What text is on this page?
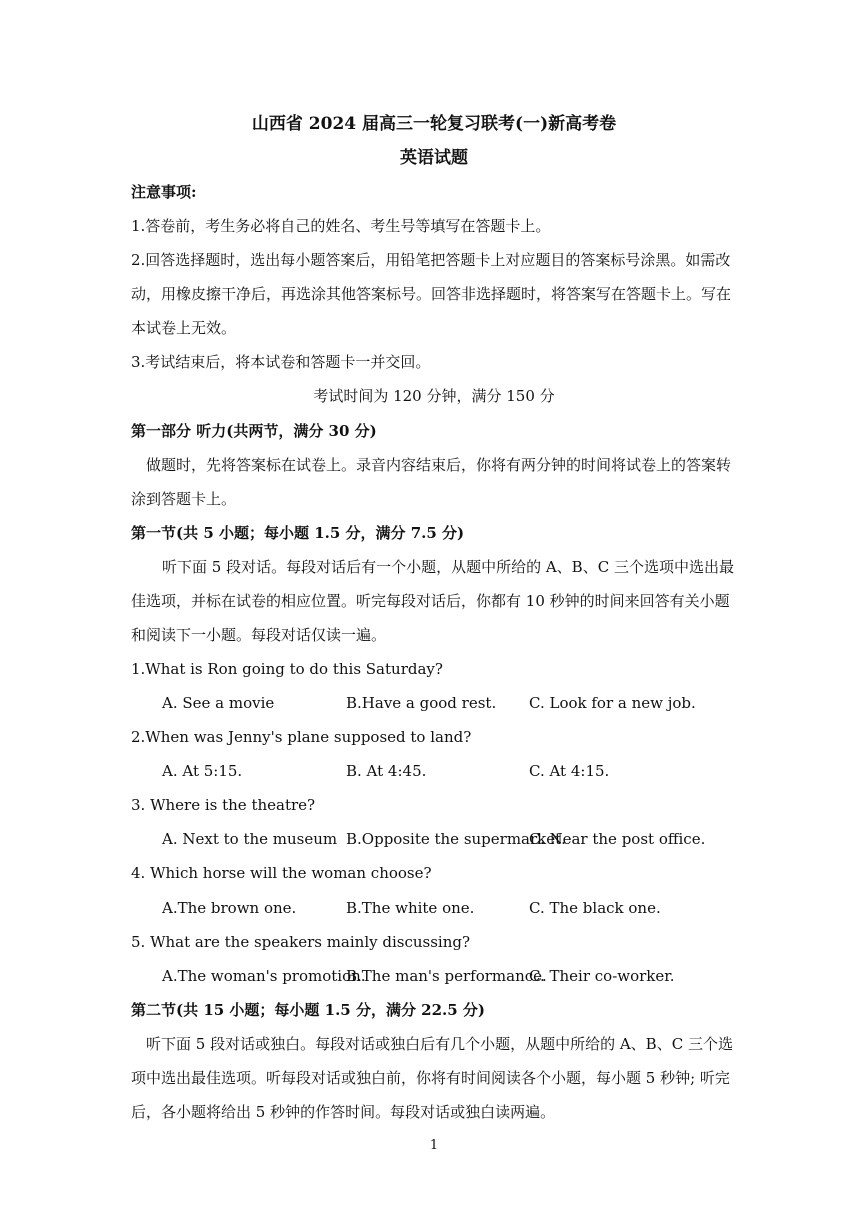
山西省 2024 届高三一轮复习联考(一)新高考卷
英语试题
注意事项:
1.答卷前，考生务必将自己的姓名、考生号等填写在答题卡上。
2.回答选择题时，选出每小题答案后，用铅笔把答题卡上对应题目的答案标号涂黑。如需改
动，用橡皮擦干净后，再选涂其他答案标号。回答非选择题时，将答案写在答题卡上。写在
本试卷上无效。
3.考试结束后，将本试卷和答题卡一并交回。
考试时间为 120 分钟，满分 150 分
第一部分 听力(共两节，满分 30 分)
做题时，先将答案标在试卷上。录音内容结束后，你将有两分钟的时间将试卷上的答案转
涂到答题卡上。
第一节(共 5 小题；每小题 1.5 分，满分 7.5 分)
听下面 5 段对话。每段对话后有一个小题，从题中所给的 A、B、C 三个选项中选出最
佳选项，并标在试卷的相应位置。听完每段对话后，你都有 10 秒钟的时间来回答有关小题
和阅读下一小题。每段对话仅读一遍。
1.What is Ron going to do this Saturday?
A. See a movie	B.Have a good rest. C. Look for a new job.
2.When was Jenny's plane supposed to land?
A. At 5:15.	B. At 4:45.	C. At 4:15.
3. Where is the theatre?
A. Next to the museum B.Opposite the supermarket.
C. Near the post office.
4. Which horse will the woman choose?
A.The brown one.	B.The white one.	C. The black one.
5. What are the speakers mainly discussing?
A.The woman's promotion.
B.The man's performance.
C. Their co-worker.
第二节(共 15 小题；每小题 1.5 分，满分 22.5 分)
听下面 5 段对话或独白。每段对话或独白后有几个小题，从题中所给的 A、B、C 三个选
项中选出最佳选项。听每段对话或独白前，你将有时间阅读各个小题，每小题 5 秒钟; 听完
后，各小题将给出 5 秒钟的作答时间。每段对话或独白读两遍。
1
